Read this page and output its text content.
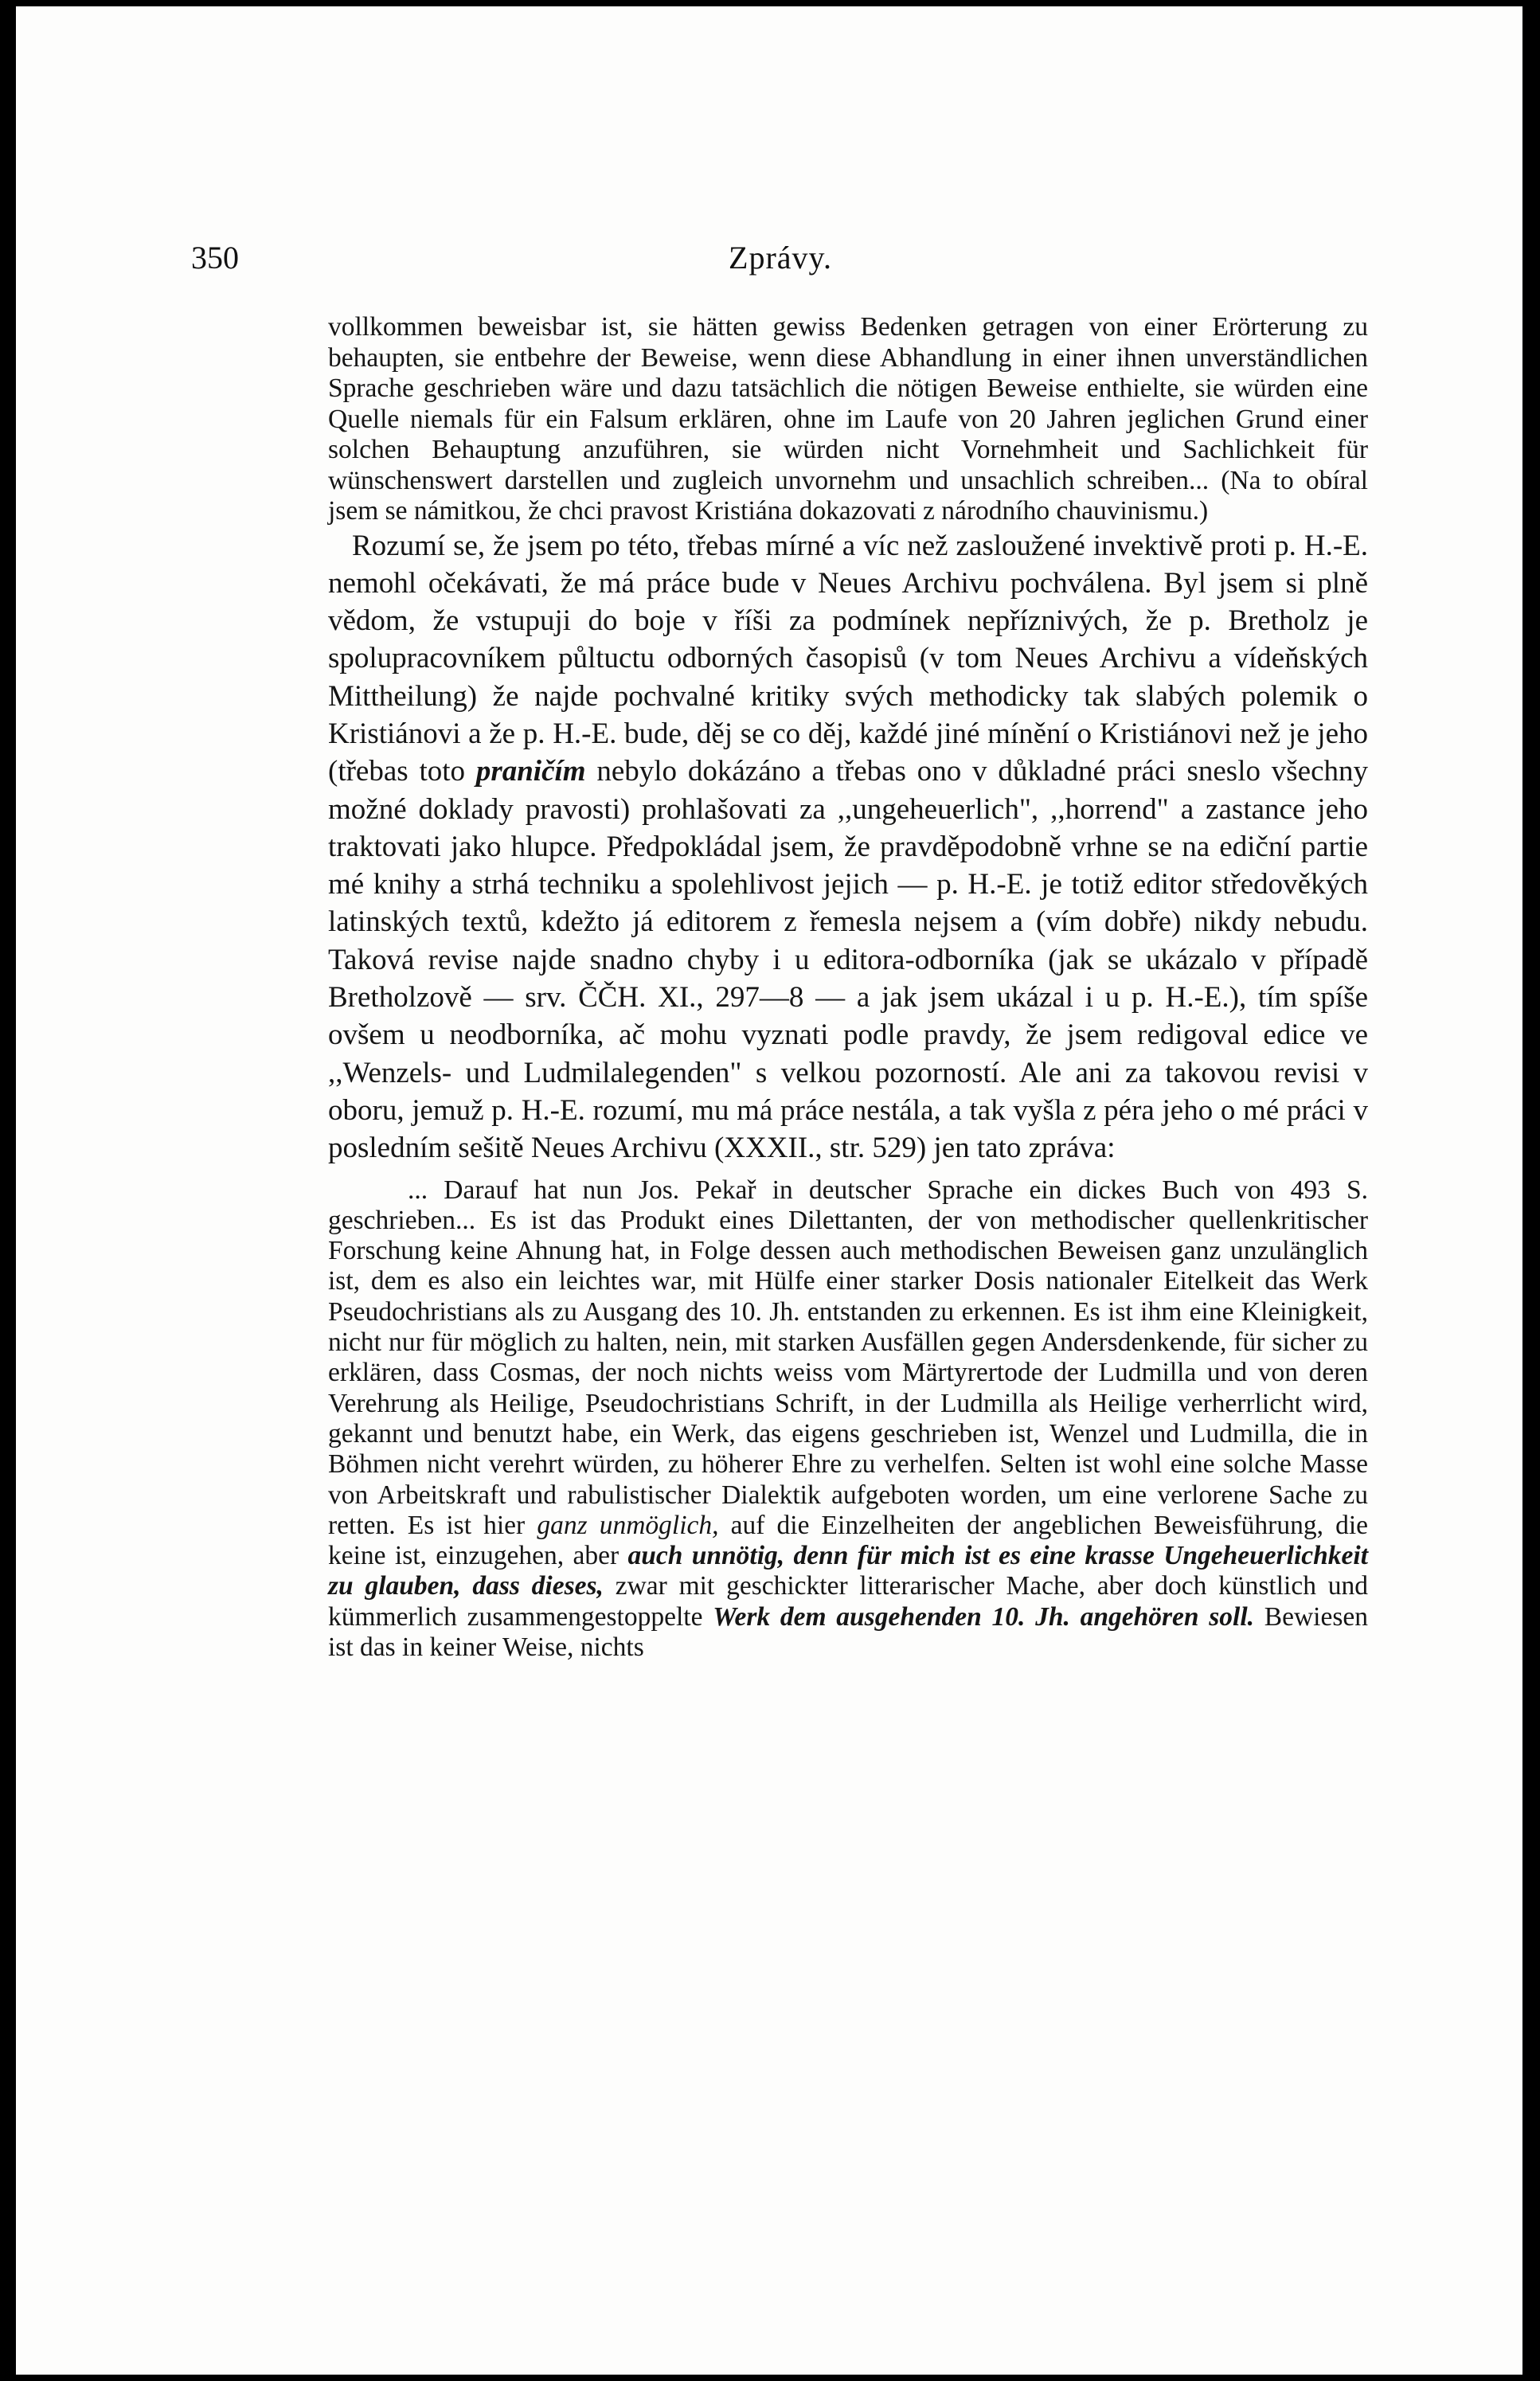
350	Zprávy.

vollkommen beweisbar ist, sie hätten gewiss Bedenken getragen von einer Erörterung zu behaupten, sie entbehre der Beweise, wenn diese Abhandlung in einer ihnen unverständlichen Sprache geschrieben wäre und dazu tatsächlich die nötigen Beweise enthielte, sie würden eine Quelle niemals für ein Falsum erklären, ohne im Laufe von 20 Jahren jeglichen Grund einer solchen Behauptung anzuführen, sie würden nicht Vornehmheit und Sachlichkeit für wünschenswert darstellen und zugleich unvornehm und unsachlich schreiben... (Na to obíral jsem se námitkou, že chci pravost Kristiána dokazovati z národního chauvinismu.)

Rozumí se, že jsem po této, třebas mírné a víc než zasloužené invektivě proti p. H.-E. nemohl očekávati, že má práce bude v Neues Archivu pochválena. Byl jsem si plně vědom, že vstupuji do boje v říši za podmínek nepříznivých, že p. Bretholz je spolupracovníkem půltuctu odborných časopisů (v tom Neues Archivu a vídeňských Mittheilung) že najde pochvalné kritiky svých methodicky tak slabých polemik o Kristiánovi a že p. H.-E. bude, děj se co děj, každé jiné mínění o Kristiánovi než je jeho (třebas toto praničím nebylo dokázáno a třebas ono v důkladné práci sneslo všechny možné doklady pravosti) prohlašovati za ,,ungeheuerlich", ,,horrend" a zastance jeho traktovati jako hlupce. Předpokládal jsem, že pravděpodobně vrhne se na ediční partie mé knihy a strhá techniku a spolehlivost jejich — p. H.-E. je totiž editor středověkých latinských textů, kdežto já editorem z řemesla nejsem a (vím dobře) nikdy nebudu. Taková revise najde snadno chyby i u editora-odborníka (jak se ukázalo v případě Bretholzově — srv. ČČH. XI., 297—8 — a jak jsem ukázal i u p. H.-E.), tím spíše ovšem u neodborníka, ač mohu vyznati podle pravdy, že jsem redigoval edice ve ,,Wenzels- und Ludmilalegenden" s velkou pozorností. Ale ani za takovou revisi v oboru, jemuž p. H.-E. rozumí, mu má práce nestála, a tak vyšla z péra jeho o mé práci v posledním sešitě Neues Archivu (XXXII., str. 529) jen tato zpráva:

... Darauf hat nun Jos. Pekař in deutscher Sprache ein dickes Buch von 493 S. geschrieben... Es ist das Produkt eines Dilettanten, der von methodischer quellenkritischer Forschung keine Ahnung hat, in Folge dessen auch methodischen Beweisen ganz unzulänglich ist, dem es also ein leichtes war, mit Hülfe einer starker Dosis nationaler Eitelkeit das Werk Pseudochristians als zu Ausgang des 10. Jh. entstanden zu erkennen. Es ist ihm eine Kleinigkeit, nicht nur für möglich zu halten, nein, mit starken Ausfällen gegen Andersdenkende, für sicher zu erklären, dass Cosmas, der noch nichts weiss vom Märtyrertode der Ludmilla und von deren Verehrung als Heilige, Pseudochristians Schrift, in der Ludmilla als Heilige verherrlicht wird, gekannt und benutzt habe, ein Werk, das eigens geschrieben ist, Wenzel und Ludmilla, die in Böhmen nicht verehrt würden, zu höherer Ehre zu verhelfen. Selten ist wohl eine solche Masse von Arbeitskraft und rabulistischer Dialektik aufgeboten worden, um eine verlorene Sache zu retten. Es ist hier ganz unmöglich, auf die Einzelheiten der angeblichen Beweisführung, die keine ist, einzugehen, aber auch unnötig, denn für mich ist es eine krasse Ungeheuerlichkeit zu glauben, dass dieses, zwar mit geschickter litterarischer Mache, aber doch künstlich und kümmerlich zusammengestoppelte Werk dem ausgehenden 10. Jh. angehören soll. Bewiesen ist das in keiner Weise, nichts
